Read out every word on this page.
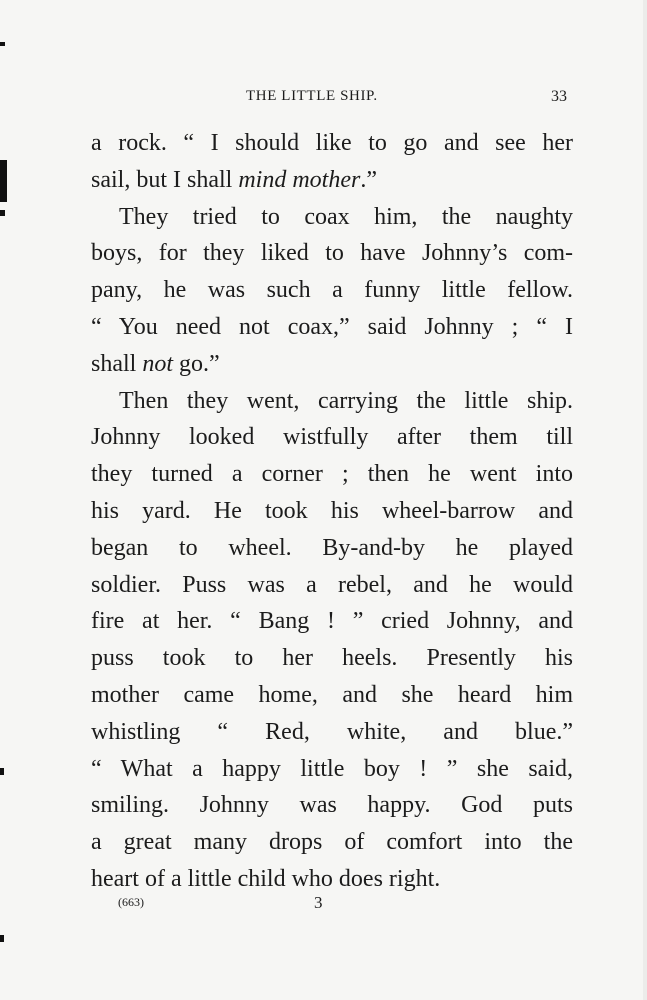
THE LITTLE SHIP.	33
a rock. “ I should like to go and see her
sail, but I shall mind mother.”
They tried to coax him, the naughty
boys, for they liked to have Johnny’s com-
pany, he was such a funny little fellow.
“ You need not coax,” said Johnny ; “ I
shall not go.”
Then they went, carrying the little ship.
Johnny looked wistfully after them till
they turned a corner ; then he went into
his yard. He took his wheel-barrow and
began to wheel. By-and-by he played
soldier. Puss was a rebel, and he would
fire at her. “ Bang ! ” cried Johnny, and
puss took to her heels. Presently his
mother came home, and she heard him
whistling “ Red, white, and blue.”
“ What a happy little boy ! ” she said,
smiling. Johnny was happy. God puts
a great many drops of comfort into the
heart of a little child who does right.
(663)	3
